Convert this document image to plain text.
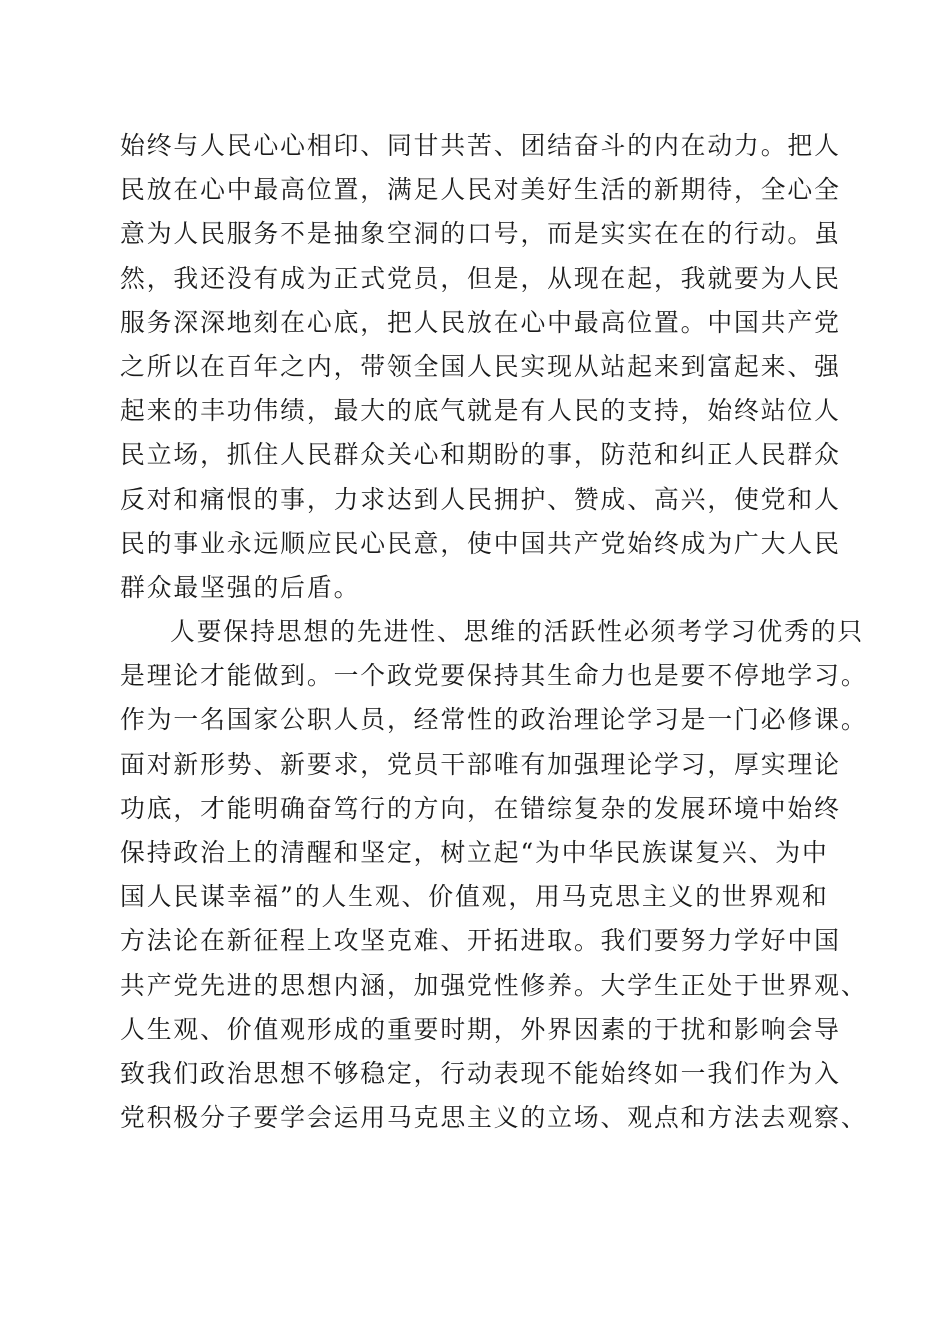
始终与人民心心相印、同甘共苦、团结奋斗的内在动力。把人
民放在心中最高位置，满足人民对美好生活的新期待，全心全
意为人民服务不是抽象空洞的口号，而是实实在在的行动。虽
然，我还没有成为正式党员，但是，从现在起，我就要为人民
服务深深地刻在心底，把人民放在心中最高位置。中国共产党
之所以在百年之内，带领全国人民实现从站起来到富起来、强
起来的丰功伟绩，最大的底气就是有人民的支持，始终站位人
民立场，抓住人民群众关心和期盼的事，防范和纠正人民群众
反对和痛恨的事，力求达到人民拥护、赞成、高兴，使党和人
民的事业永远顺应民心民意，使中国共产党始终成为广大人民
群众最坚强的后盾。
人要保持思想的先进性、思维的活跃性必须考学习优秀的只
是理论才能做到。一个政党要保持其生命力也是要不停地学习。
作为一名国家公职人员，经常性的政治理论学习是一门必修课。
面对新形势、新要求，党员干部唯有加强理论学习，厚实理论
功底，才能明确奋笃行的方向，在错综复杂的发展环境中始终
保持政治上的清醒和坚定，树立起“为中华民族谋复兴、为中
国人民谋幸福”的人生观、价值观，用马克思主义的世界观和
方法论在新征程上攻坚克难、开拓进取。我们要努力学好中国
共产党先进的思想内涵，加强党性修养。大学生正处于世界观、
人生观、价值观形成的重要时期，外界因素的于扰和影响会导
致我们政治思想不够稳定，行动表现不能始终如一我们作为入
党积极分子要学会运用马克思主义的立场、观点和方法去观察、
